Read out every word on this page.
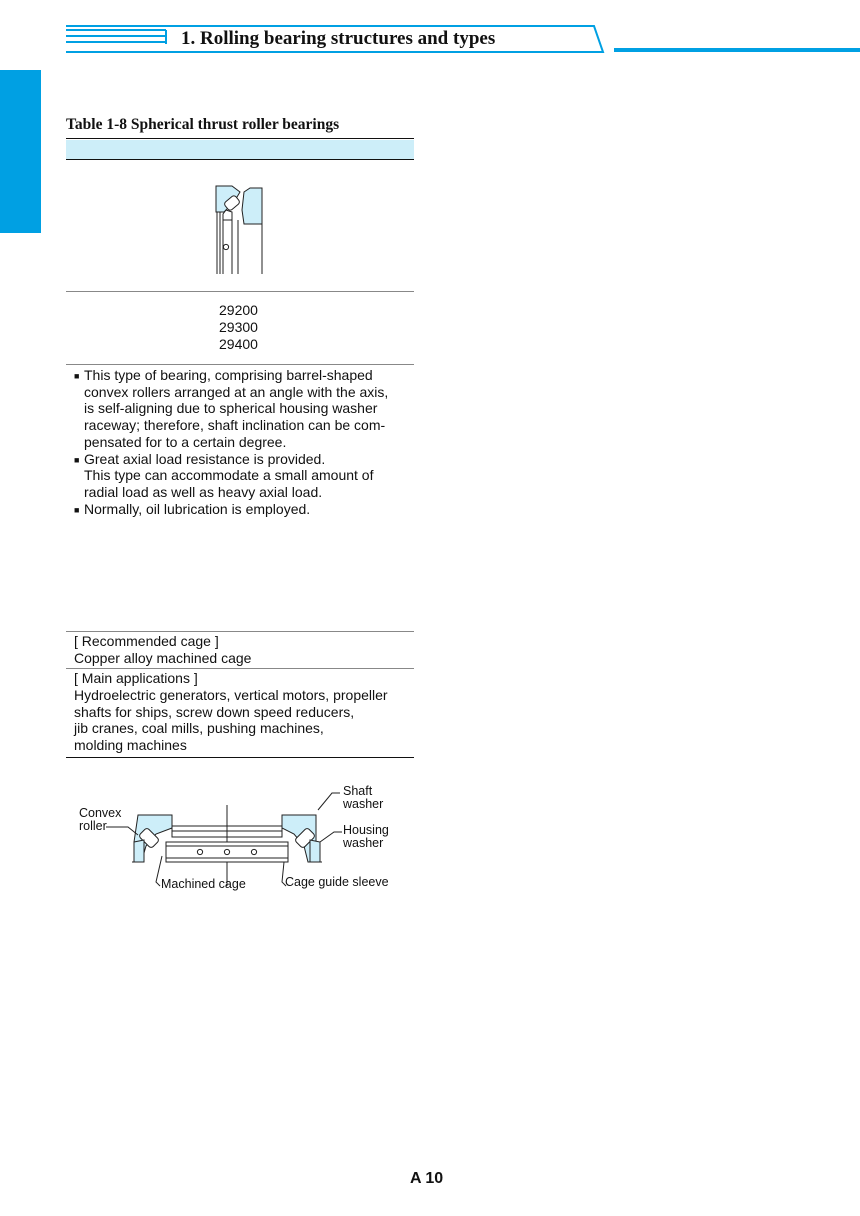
1. Rolling bearing structures and types
Table 1-8 Spherical thrust roller bearings
29200
29300
29400
■ This type of bearing, comprising barrel-shaped
convex rollers arranged at an angle with the axis,
is self-aligning due to spherical housing washer
raceway; therefore, shaft inclination can be com-
pensated for to a certain degree.
■ Great axial load resistance is provided.
This type can accommodate a small amount of
radial load as well as heavy axial load.
■ Normally, oil lubrication is employed.
[ Recommended cage ]
Copper alloy machined cage
[ Main applications ]
Hydroelectric generators, vertical motors, propeller
shafts for ships, screw down speed reducers,
jib cranes, coal mills, pushing machines,
molding machines
Convex
roller
Shaft
washer
Housing
washer
Machined cage	Cage guide sleeve
A 10
